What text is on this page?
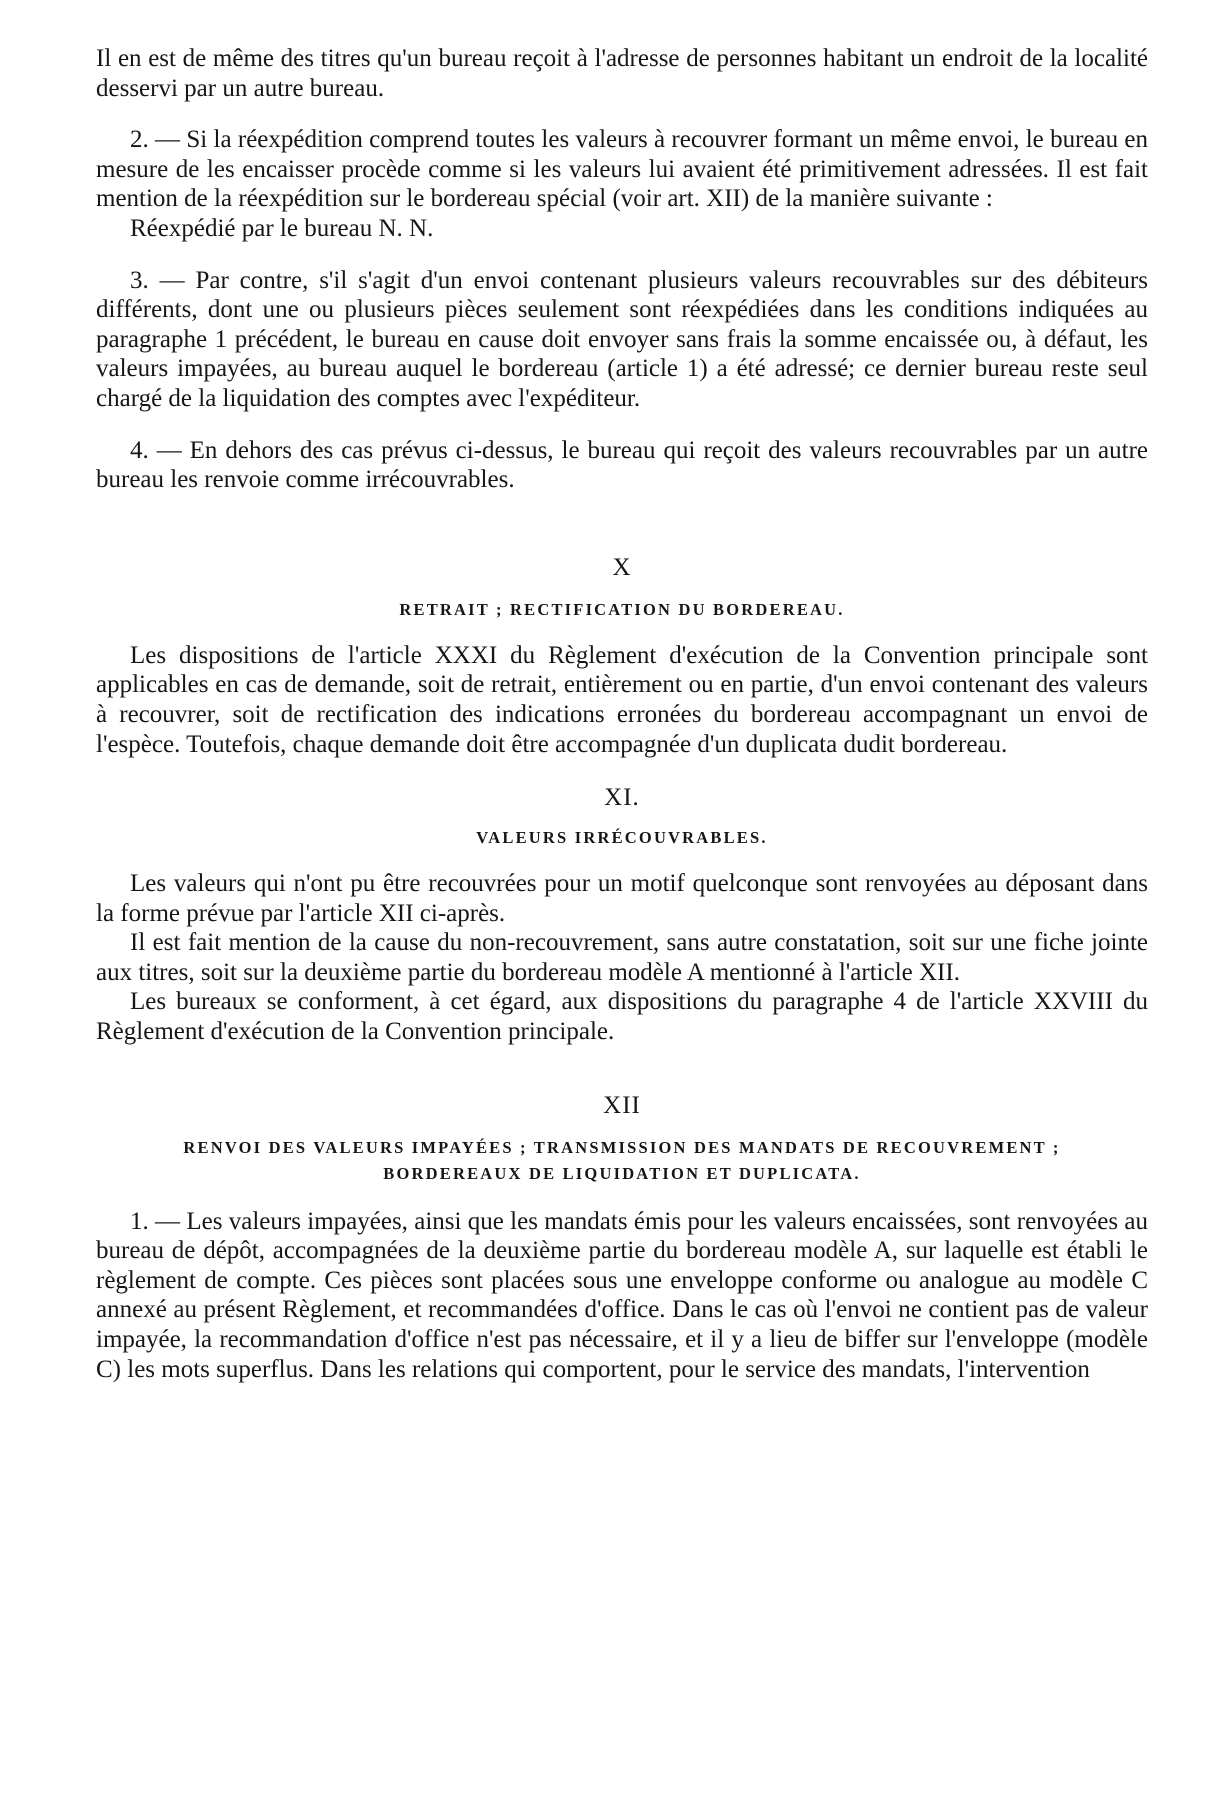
Il en est de même des titres qu'un bureau reçoit à l'adresse de personnes habitant un endroit de la localité desservi par un autre bureau.

2. — Si la réexpédition comprend toutes les valeurs à recouvrer formant un même envoi, le bureau en mesure de les encaisser procède comme si les valeurs lui avaient été primitivement adressées. Il est fait mention de la réexpédition sur le bordereau spécial (voir art. XII) de la manière suivante :

Réexpédié par le bureau N. N.

3. — Par contre, s'il s'agit d'un envoi contenant plusieurs valeurs recouvrables sur des débiteurs différents, dont une ou plusieurs pièces seulement sont réexpédiées dans les conditions indiquées au paragraphe 1 précédent, le bureau en cause doit envoyer sans frais la somme encaissée ou, à défaut, les valeurs impayées, au bureau auquel le bordereau (article 1) a été adressé; ce dernier bureau reste seul chargé de la liquidation des comptes avec l'expéditeur.

4. — En dehors des cas prévus ci-dessus, le bureau qui reçoit des valeurs recouvrables par un autre bureau les renvoie comme irrécouvrables.

X
RETRAIT ; RECTIFICATION DU BORDEREAU.

Les dispositions de l'article XXXI du Règlement d'exécution de la Convention principale sont applicables en cas de demande, soit de retrait, entièrement ou en partie, d'un envoi contenant des valeurs à recouvrer, soit de rectification des indications erronées du bordereau accompagnant un envoi de l'espèce. Toutefois, chaque demande doit être accompagnée d'un duplicata dudit bordereau.

XI.
VALEURS IRRÉCOUVRABLES.

Les valeurs qui n'ont pu être recouvrées pour un motif quelconque sont renvoyées au déposant dans la forme prévue par l'article XII ci-après.

Il est fait mention de la cause du non-recouvrement, sans autre constatation, soit sur une fiche jointe aux titres, soit sur la deuxième partie du bordereau modèle A mentionné à l'article XII.

Les bureaux se conforment, à cet égard, aux dispositions du paragraphe 4 de l'article XXVIII du Règlement d'exécution de la Convention principale.

XII
RENVOI DES VALEURS IMPAYÉES ; TRANSMISSION DES MANDATS DE RECOUVREMENT ;
BORDEREAUX DE LIQUIDATION ET DUPLICATA.

1. — Les valeurs impayées, ainsi que les mandats émis pour les valeurs encaissées, sont renvoyées au bureau de dépôt, accompagnées de la deuxième partie du bordereau modèle A, sur laquelle est établi le règlement de compte. Ces pièces sont placées sous une enveloppe conforme ou analogue au modèle C annexé au présent Règlement, et recommandées d'office. Dans le cas où l'envoi ne contient pas de valeur impayée, la recommandation d'office n'est pas nécessaire, et il y a lieu de biffer sur l'enveloppe (modèle C) les mots superflus. Dans les relations qui comportent, pour le service des mandats, l'intervention
